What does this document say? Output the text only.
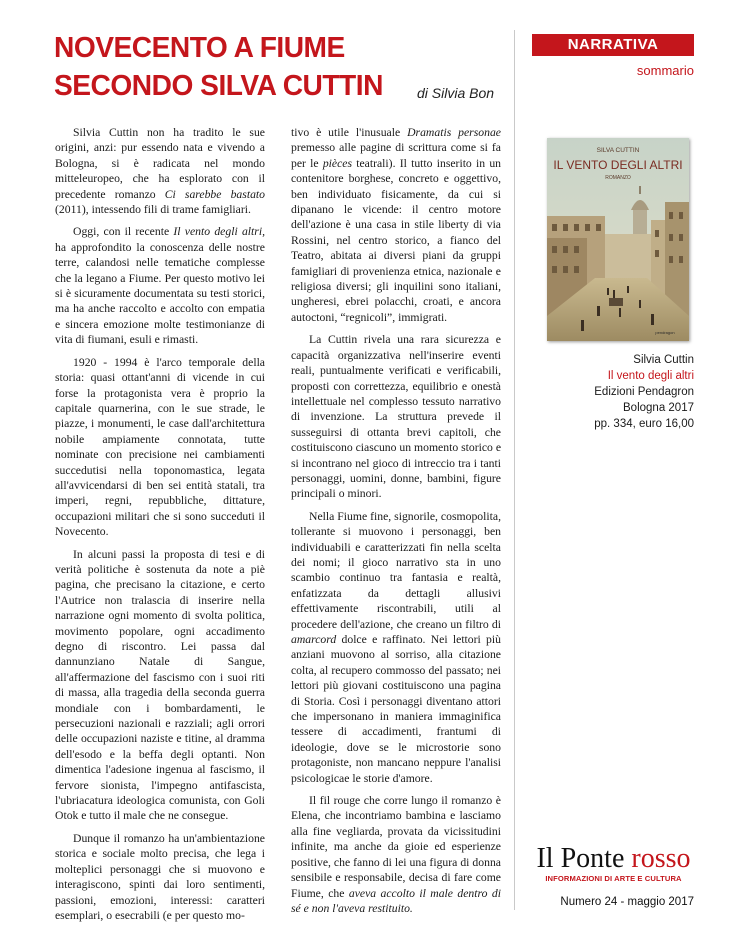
NOVECENTO A FIUME
SECONDO SILVA CUTTIN di Silvia Bon

Silvia Cuttin non ha tradito le sue origini, anzi: pur essendo nata e vivendo a Bologna, si è radicata nel mondo mitteleuropeo, che ha esplorato con il precedente romanzo Ci sarebbe bastato (2011), intessendo fili di trame famigliari.

Oggi, con il recente Il vento degli altri, ha approfondito la conoscenza delle nostre terre, calandosi nelle tematiche complesse che la legano a Fiume. Per questo motivo lei si è sicuramente documentata su testi storici, ma ha anche raccolto e accolto con empatia e sincera emozione molte testimonianze di vita di fiumani, esuli e rimasti.

1920 - 1994 è l'arco temporale della storia: quasi ottant'anni di vicende in cui forse la protagonista vera è proprio la capitale quarnerina, con le sue strade, le piazze, i monumenti, le case dall'architettura nobile ampiamente connotata, tutte nominate con precisione nei cambiamenti succedutisi nella toponomastica, legata all'avvicendarsi di ben sei entità statali, tra imperi, regni, repubbliche, dittature, occupazioni militari che si sono succeduti il Novecento.

In alcuni passi la proposta di tesi e di verità politiche è sostenuta da note a piè pagina, che precisano la citazione, e certo l'Autrice non tralascia di inserire nella narrazione ogni momento di svolta politica, movimento popolare, ogni accadimento degno di riscontro. Lei passa dal dannunziano Natale di Sangue, all'affermazione del fascismo con i suoi riti di massa, alla tragedia della seconda guerra mondiale con i bombardamenti, le persecuzioni nazionali e razziali; agli orrori delle occupazioni naziste e titine, al dramma dell'esodo e la beffa degli optanti. Non dimentica l'adesione ingenua al fascismo, il fervore sionista, l'impegno antifascista, l'ubriacatura ideologica comunista, con Goli Otok e tutto il male che ne consegue.

Dunque il romanzo ha un'ambientazione storica e sociale molto precisa, che lega i molteplici personaggi che si muovono e interagiscono, spinti dai loro sentimenti, passioni, emozioni, interessi: caratteri esemplari, o esecrabili (e per questo mo-

tivo è utile l'inusuale Dramatis personae premesso alle pagine di scrittura come si fa per le pièces teatrali). Il tutto inserito in un contenitore borghese, concreto e oggettivo, ben individuato fisicamente, da cui si dipanano le vicende: il centro motore dell'azione è una casa in stile liberty di via Rossini, nel centro storico, a fianco del Teatro, abitata ai diversi piani da gruppi famigliari di provenienza etnica, nazionale e religiosa diversi; gli inquilini sono italiani, ungheresi, ebrei polacchi, croati, e ancora autoctoni, “regnicoli”, immigrati.

La Cuttin rivela una rara sicurezza e capacità organizzativa nell'inserire eventi reali, puntualmente verificati e verificabili, proposti con correttezza, equilibrio e onestà intellettuale nel complesso tessuto narrativo di invenzione. La struttura prevede il susseguirsi di ottanta brevi capitoli, che costituiscono ciascuno un momento storico e si incontrano nel gioco di intreccio tra i tanti personaggi, uomini, donne, bambini, figure principali o minori.

Nella Fiume fine, signorile, cosmopolita, tollerante si muovono i personaggi, ben individuabili e caratterizzati fin nella scelta dei nomi; il gioco narrativo sta in uno scambio continuo tra fantasia e realtà, enfatizzata da dettagli allusivi effettivamente riscontrabili, utili al procedere dell'azione, che creano un filtro di amarcord dolce e raffinato. Nei lettori più anziani muovono al sorriso, alla citazione colta, al recupero commosso del passato; nei lettori più giovani costituiscono una pagina di Storia. Così i personaggi diventano attori che impersonano in maniera immaginifica tessere di accadimenti, frantumi di ideologie, dove se le microstorie sono protagoniste, non mancano neppure l'analisi psicologicae le storie d'amore.

Il fil rouge che corre lungo il romanzo è Elena, che incontriamo bambina e lasciamo alla fine vegliarda, provata da vicissitudini infinite, ma anche da gioie ed esperienze positive, che fanno di lei una figura di donna sensibile e responsabile, decisa di fare come Fiume, che aveva accolto il male dentro di sé e non l'aveva restituito.

NARRATIVA
sommario
SILVA CUTTIN
IL VENTO DEGLI ALTRI
ROMANZO
pendragon
Silvia Cuttin
Il vento degli altri
Edizioni Pendagron
Bologna 2017
pp. 334, euro 16,00
Il Ponte rosso
INFORMAZIONI DI ARTE E CULTURA
Numero 24 - maggio 2017
